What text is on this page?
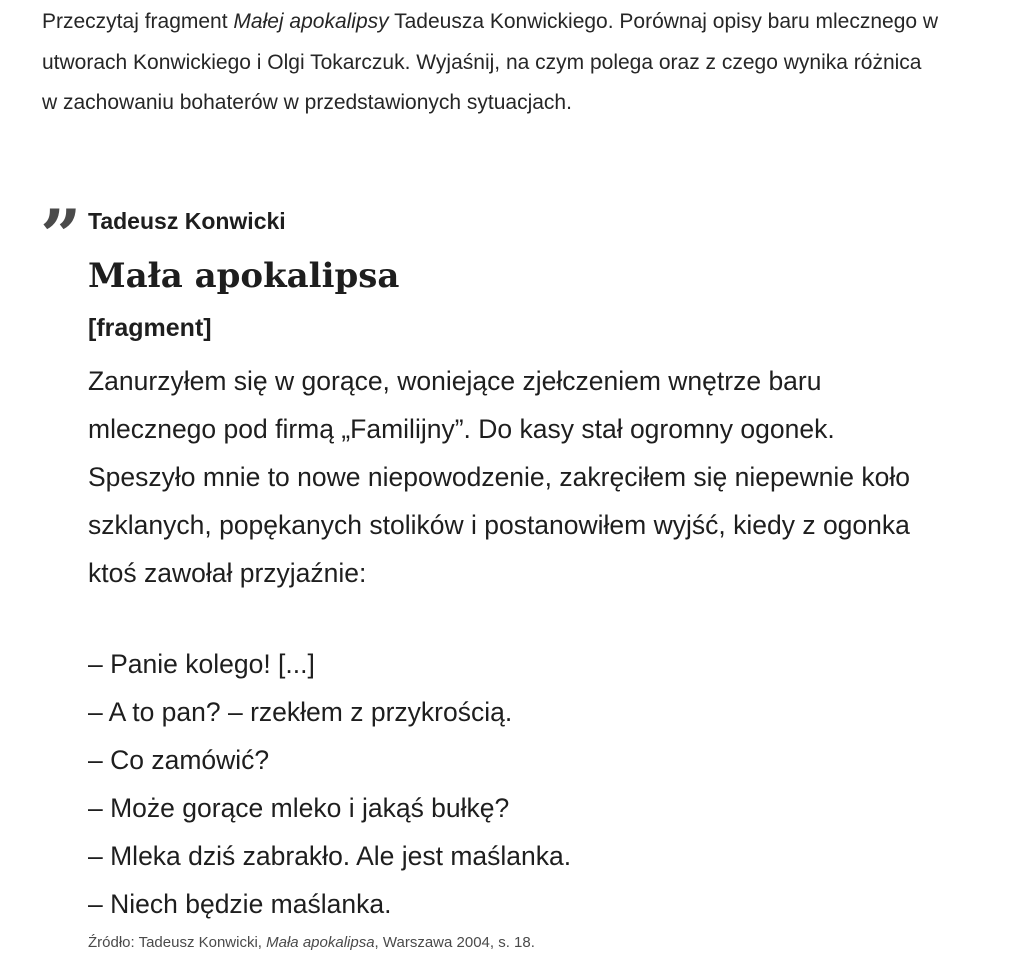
Przeczytaj fragment Małej apokalipsy Tadeusza Konwickiego. Porównaj opisy baru mlecznego w utworach Konwickiego i Olgi Tokarczuk. Wyjaśnij, na czym polega oraz z czego wynika różnica w zachowaniu bohaterów w przedstawionych sytuacjach.
” Tadeusz Konwicki
Mała apokalipsa
[fragment]
Zanurzyłem się w gorące, woniejące zjełczeniem wnętrze baru mlecznego pod firmą „Familijny”. Do kasy stał ogromny ogonek. Speszyło mnie to nowe niepowodzenie, zakręciłem się niepewnie koło szklanych, popękanych stolików i postanowiłem wyjść, kiedy z ogonka ktoś zawołał przyjaźnie:
– Panie kolego! [...]
– A to pan? – rzekłem z przykrością.
– Co zamówić?
– Może gorące mleko i jakąś bułkę?
– Mleka dziś zabrakło. Ale jest maślanka.
– Niech będzie maślanka.
Źródło: Tadeusz Konwicki, Mała apokalipsa, Warszawa 2004, s. 18.
